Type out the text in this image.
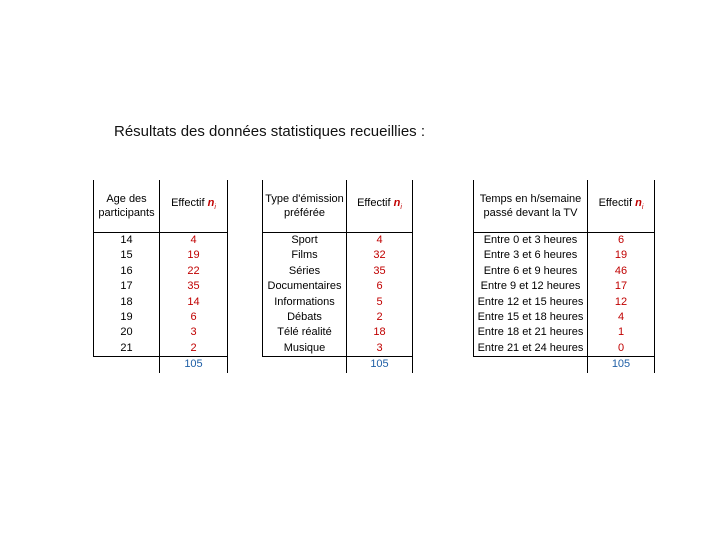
Résultats des données statistiques recueillies :
Age des participants	Effectif $n_i$
14	4
15	19
16	22
17	35
18	14
19	6
20	3
21	2
	105
Type d'émission préférée	Effectif $n_i$
Sport	4
Films	32
Séries	35
Documentaires	6
Informations	5
Débats	2
Télé réalité	18
Musique	3
	105
Temps en h/semaine passé devant la TV	Effectif $n_i$
Entre 0 et 3 heures	6
Entre 3 et 6 heures	19
Entre 6 et 9 heures	46
Entre 9 et 12 heures	17
Entre 12 et 15 heures	12
Entre 15 et 18 heures	4
Entre 18 et 21 heures	1
Entre 21 et 24 heures	0
	105
